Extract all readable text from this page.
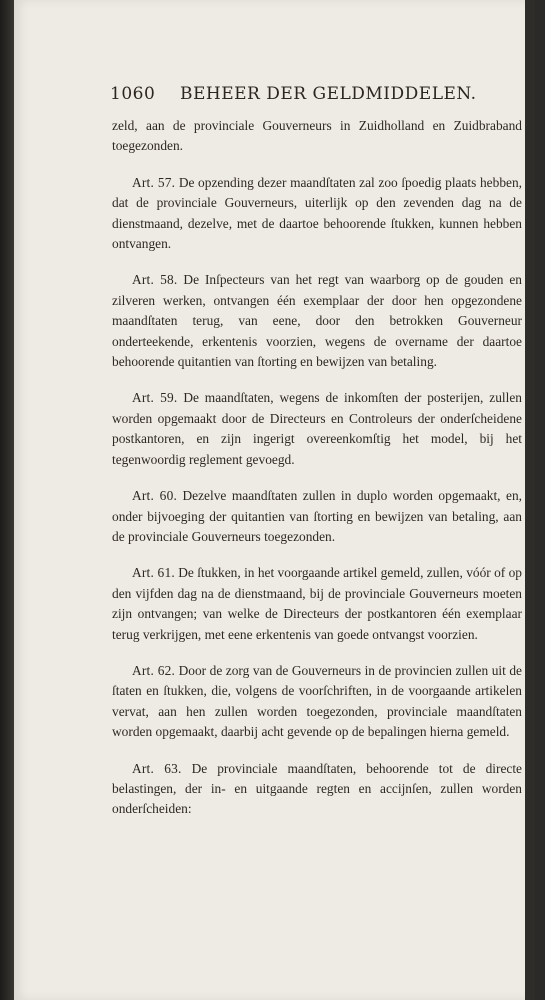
1060 BEHEER DER GELDMIDDELEN.

zeld, aan de provinciale Gouverneurs in Zuidholland en Zuidbraband toegezonden.

Art. 57. De opzending dezer maandſtaten zal zoo ſpoedig plaats hebben, dat de provinciale Gouverneurs, uiterlijk op den zevenden dag na de dienstmaand, dezelve, met de daartoe behoorende ſtukken, kunnen hebben ontvangen.

Art. 58. De Inſpecteurs van het regt van waarborg op de gouden en zilveren werken, ontvangen één exemplaar der door hen opgezondene maandſtaten terug, van eene, door den betrokken Gouverneur onderteekende, erkentenis voorzien, wegens de overname der daartoe behoorende quitantien van ſtorting en bewijzen van betaling.

Art. 59. De maandſtaten, wegens de inkomſten der posterijen, zullen worden opgemaakt door de Directeurs en Controleurs der onderſcheidene postkantoren, en zijn ingerigt overeenkomſtig het model, bij het tegenwoordig reglement gevoegd.

Art. 60. Dezelve maandſtaten zullen in duplo worden opgemaakt, en, onder bijvoeging der quitantien van ſtorting en bewijzen van betaling, aan de provinciale Gouverneurs toegezonden.

Art. 61. De ſtukken, in het voorgaande artikel gemeld, zullen, vóór of op den vijfden dag na de dienstmaand, bij de provinciale Gouverneurs moeten zijn ontvangen; van welke de Directeurs der postkantoren één exemplaar terug verkrijgen, met eene erkentenis van goede ontvangst voorzien.

Art. 62. Door de zorg van de Gouverneurs in de provincien zullen uit de ſtaten en ſtukken, die, volgens de voorſchriften, in de voorgaande artikelen vervat, aan hen zullen worden toegezonden, provinciale maandſtaten worden opgemaakt, daarbij acht gevende op de bepalingen hierna gemeld.

Art. 63. De provinciale maandſtaten, behoorende tot de directe belastingen, der in- en uitgaande regten en accijnſen, zullen worden onderſcheiden:
